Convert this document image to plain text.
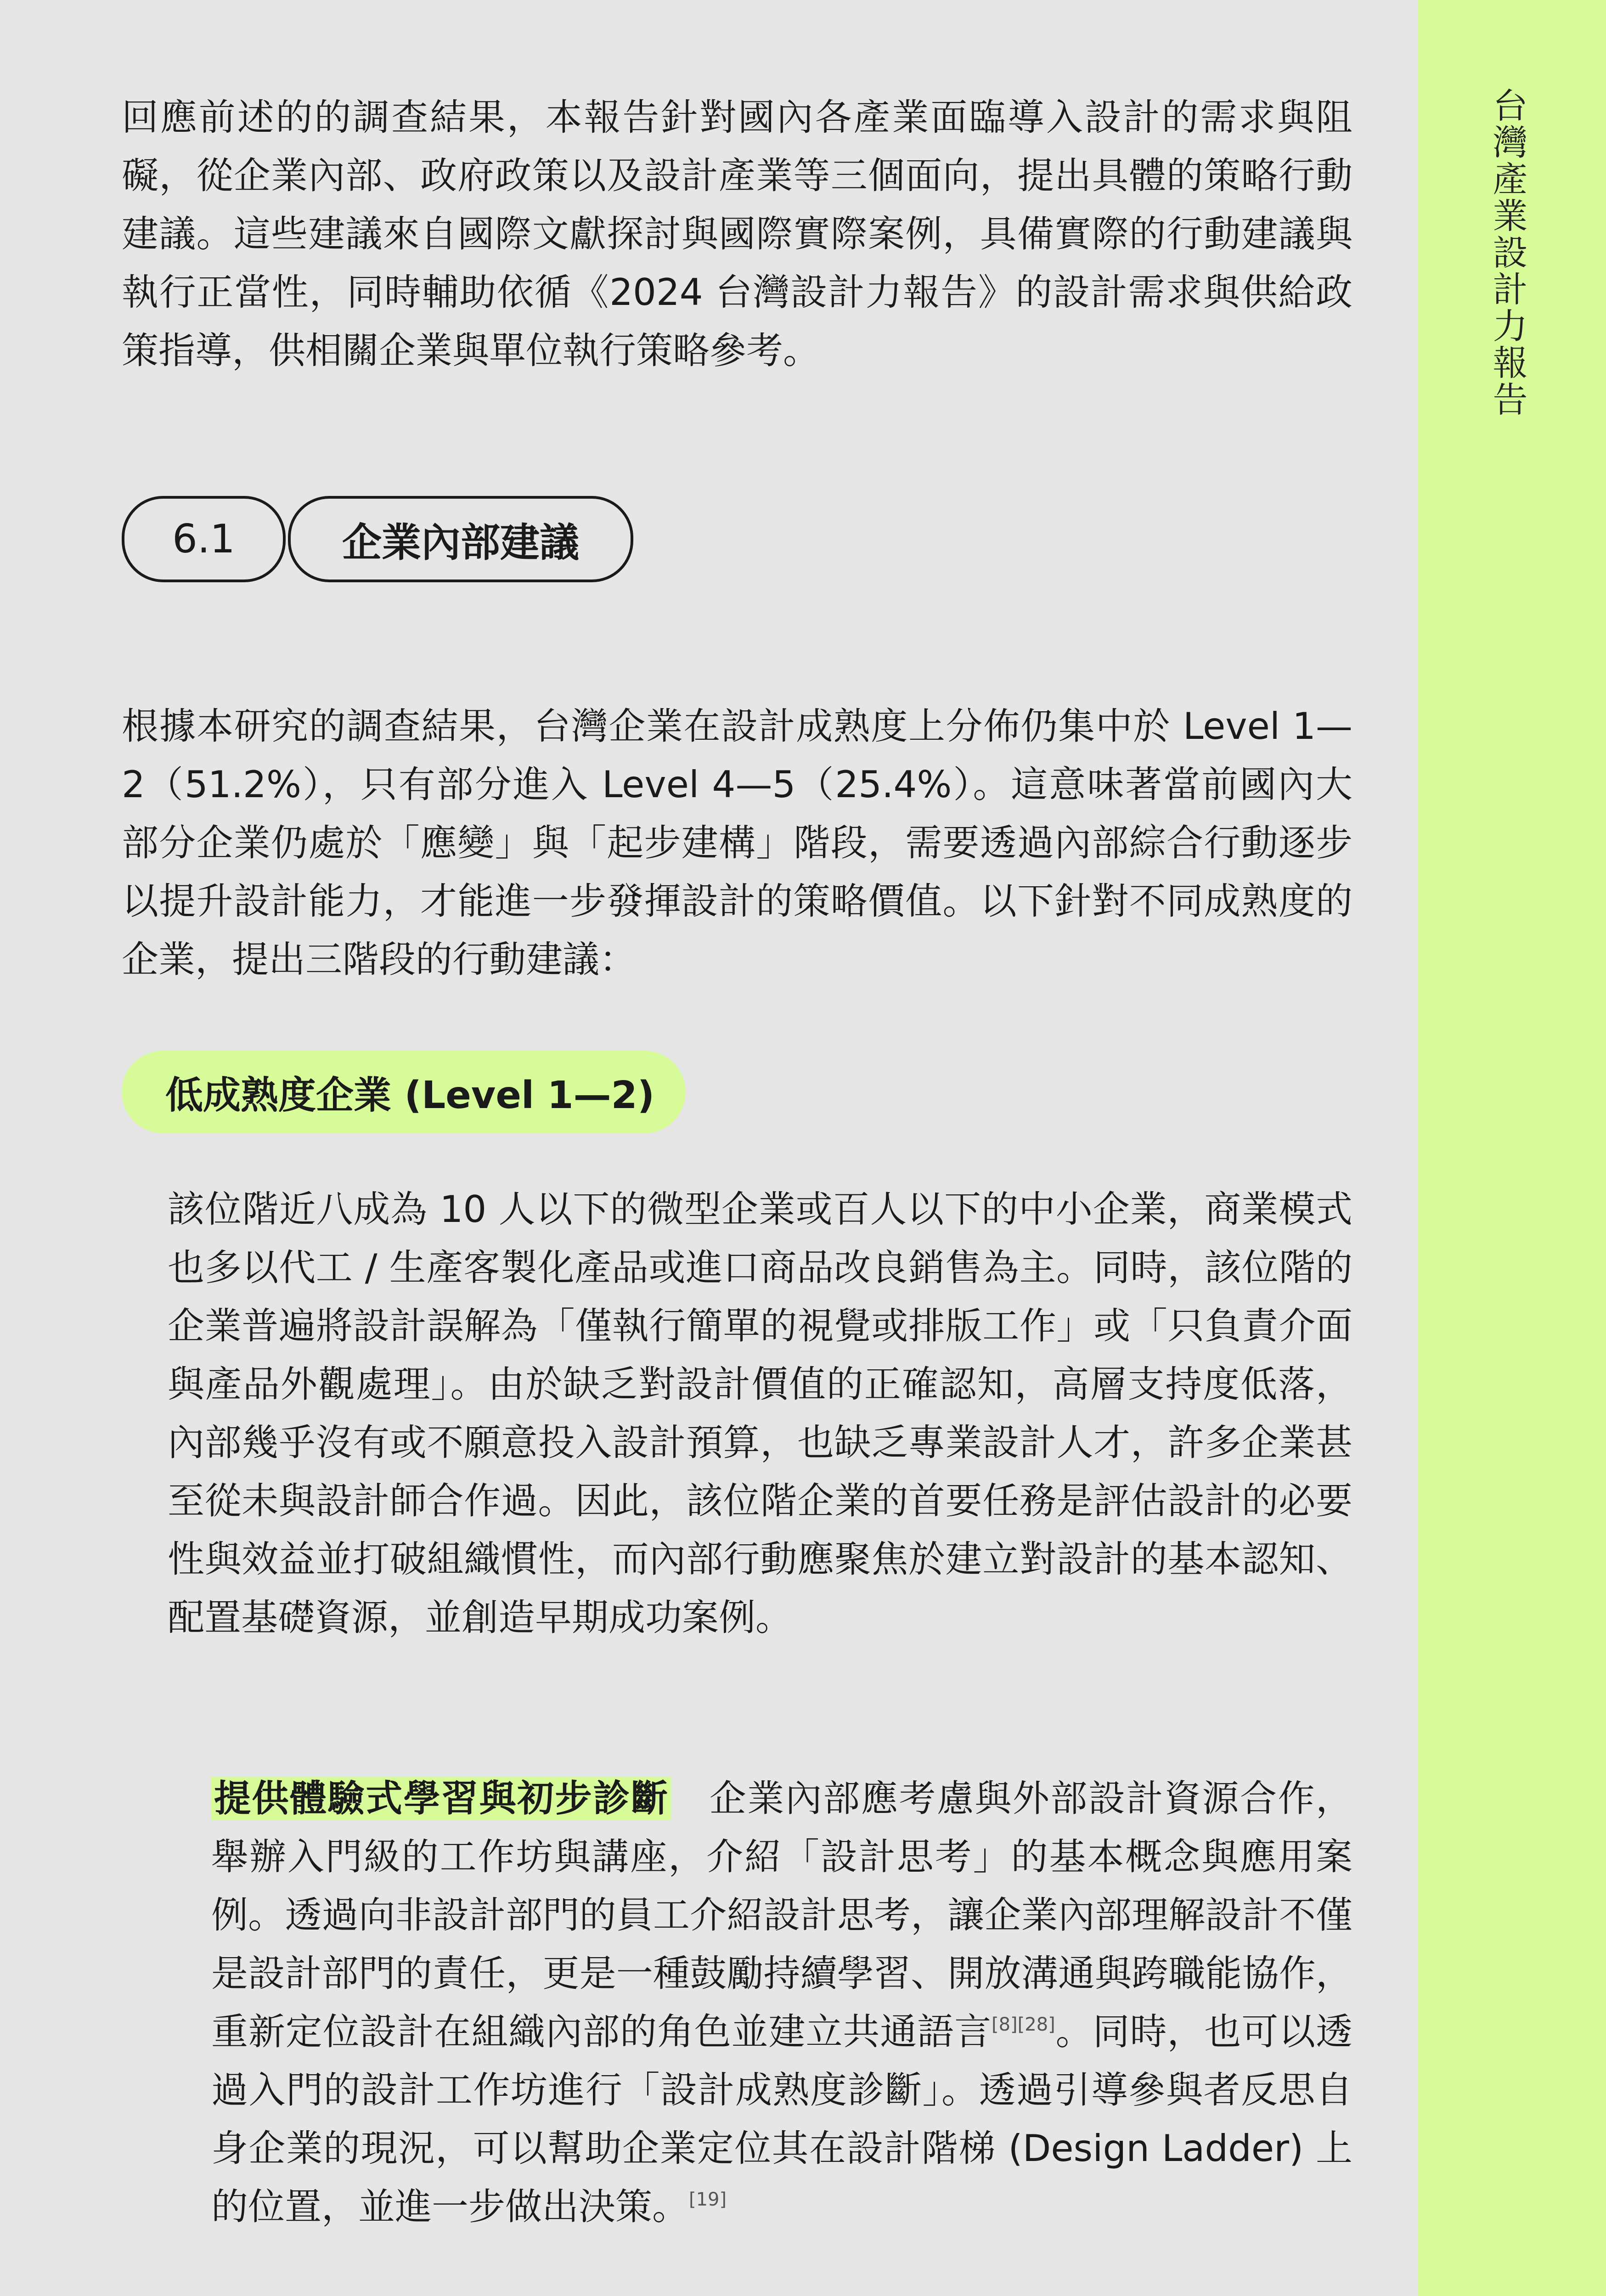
回應前述的的調查結果，本報告針對國內各產業面臨導入設計的需求與阻礙，從企業內部、政府政策以及設計產業等三個面向，提出具體的策略行動建議。這些建議來自國際文獻探討與國際實際案例，具備實際的行動建議與執行正當性，同時輔助依循《2024 台灣設計力報告》的設計需求與供給政策指導，供相關企業與單位執行策略參考。

6.1	企業內部建議

根據本研究的調查結果，台灣企業在設計成熟度上分佈仍集中於 Level 1—2（51.2%），只有部分進入 Level 4—5（25.4%）。這意味著當前國內大部分企業仍處於「應變」與「起步建構」階段，需要透過內部綜合行動逐步以提升設計能力，才能進一步發揮設計的策略價值。以下針對不同成熟度的企業，提出三階段的行動建議：

低成熟度企業 (Level 1—2)

該位階近八成為 10 人以下的微型企業或百人以下的中小企業，商業模式也多以代工 / 生產客製化產品或進口商品改良銷售為主。同時，該位階的企業普遍將設計誤解為「僅執行簡單的視覺或排版工作」或「只負責介面與產品外觀處理」。由於缺乏對設計價值的正確認知，高層支持度低落，內部幾乎沒有或不願意投入設計預算，也缺乏專業設計人才，許多企業甚至從未與設計師合作過。因此，該位階企業的首要任務是評估設計的必要性與效益並打破組織慣性，而內部行動應聚焦於建立對設計的基本認知、配置基礎資源，並創造早期成功案例。

提供體驗式學習與初步診斷　 企業內部應考慮與外部設計資源合作，舉辦入門級的工作坊與講座，介紹「設計思考」的基本概念與應用案例。透過向非設計部門的員工介紹設計思考，讓企業內部理解設計不僅是設計部門的責任，更是一種鼓勵持續學習、開放溝通與跨職能協作，重新定位設計在組織內部的角色並建立共通語言[8][28]。同時，也可以透過入門的設計工作坊進行「設計成熟度診斷」。透過引導參與者反思自身企業的現況，可以幫助企業定位其在設計階梯 (Design Ladder) 上的位置，並進一步做出決策。[19]

台灣產業設計力報告
